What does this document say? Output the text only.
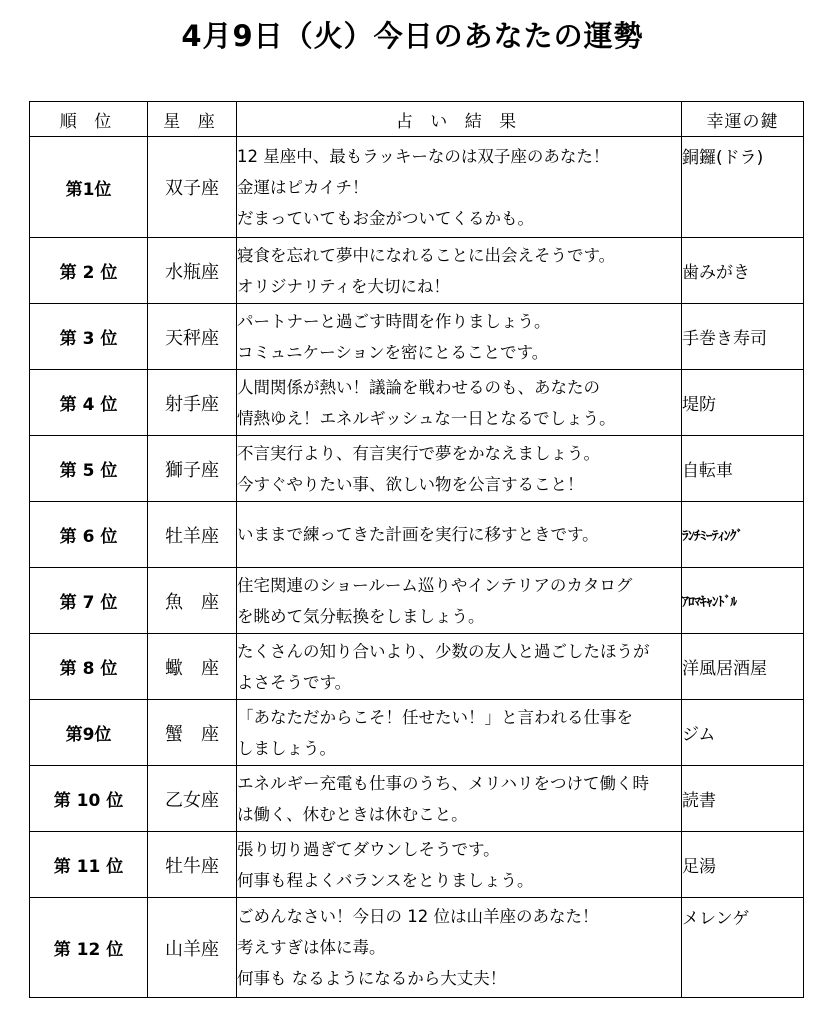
4月9日（火）今日のあなたの運勢
順 位	星 座	占 い 結 果	幸運の鍵
第1位	双子座	12 星座中、最もラッキーなのは双子座のあなた！
金運はピカイチ！
だまっていてもお金がついてくるかも。	銅鑼(ドラ)
第 2 位	水瓶座	寝食を忘れて夢中になれることに出会えそうです。
オリジナリティを大切にね！	歯みがき
第 3 位	天秤座	パートナーと過ごす時間を作りましょう。
コミュニケーションを密にとることです。	手巻き寿司
第 4 位	射手座	人間関係が熱い！議論を戦わせるのも、あなたの
情熱ゆえ！エネルギッシュな一日となるでしょう。	堤防
第 5 位	獅子座	不言実行より、有言実行で夢をかなえましょう。
今すぐやりたい事、欲しい物を公言すること！	自転車
第 6 位	牡羊座	いままで練ってきた計画を実行に移すときです。	ﾗﾝﾁﾐｰﾃｨﾝｸﾞ
第 7 位	魚　座	住宅関連のショールーム巡りやインテリアのカタログ
を眺めて気分転換をしましょう。	ｱﾛﾏｷｬﾝﾄﾞﾙ
第 8 位	蠍　座	たくさんの知り合いより、少数の友人と過ごしたほうが
よさそうです。	洋風居酒屋
第9位	蟹　座	「あなただからこそ！任せたい！」と言われる仕事を
しましょう。	ジム
第 10 位	乙女座	エネルギー充電も仕事のうち、メリハリをつけて働く時
は働く、休むときは休むこと。	読書
第 11 位	牡牛座	張り切り過ぎてダウンしそうです。
何事も程よくバランスをとりましょう。	足湯
第 12 位	山羊座	ごめんなさい！今日の 12 位は山羊座のあなた！
考えすぎは体に毒。
何事も なるようになるから大丈夫！	メレンゲ
